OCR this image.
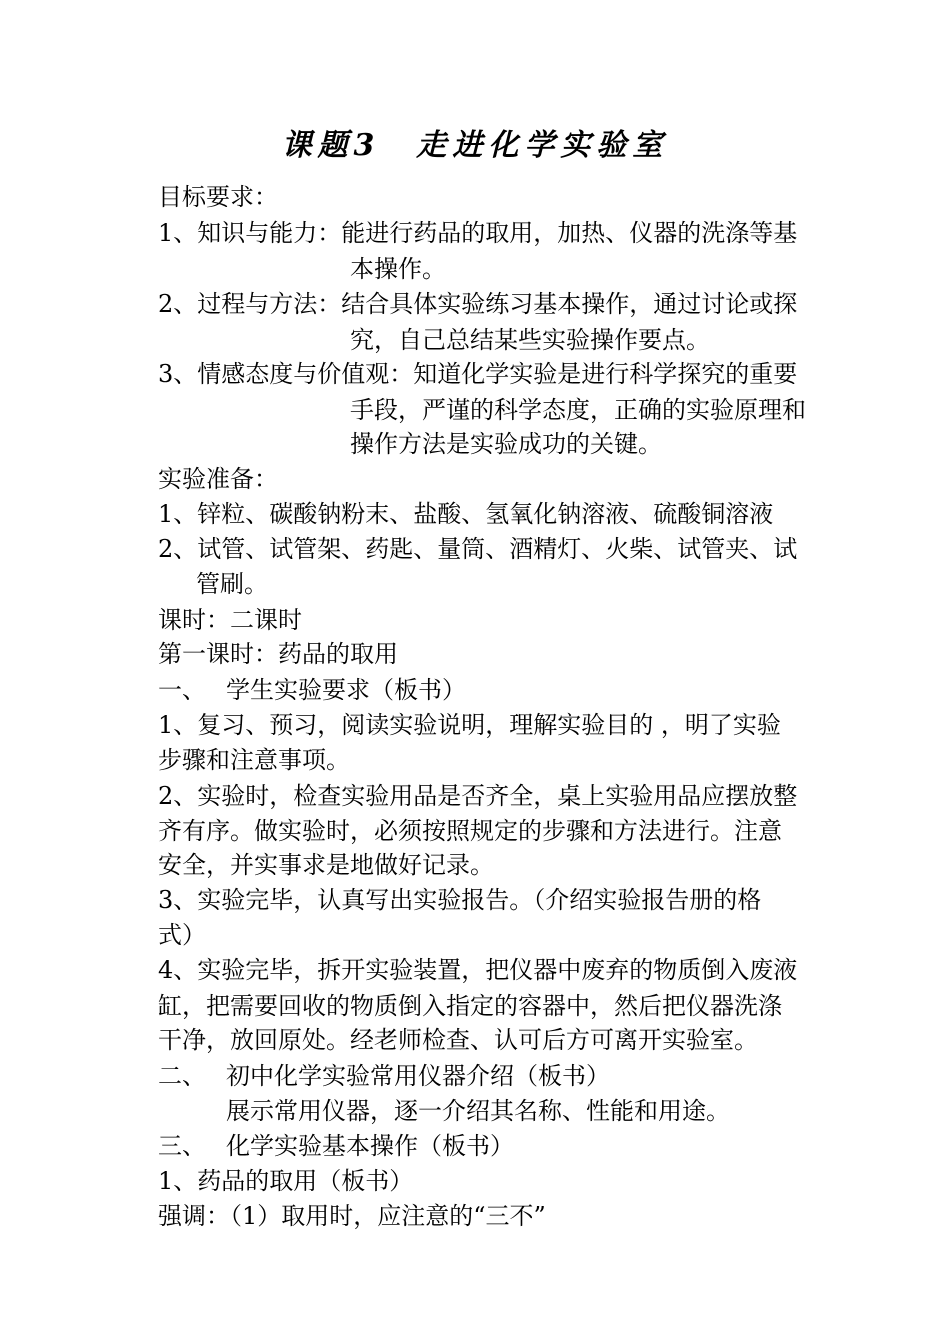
课题3　走进化学实验室
目标要求：
1、知识与能力：能进行药品的取用，加热、仪器的洗涤等基
本操作。
2、过程与方法：结合具体实验练习基本操作，通过讨论或探
究，自己总结某些实验操作要点。
3、情感态度与价值观：知道化学实验是进行科学探究的重要
手段，严谨的科学态度，正确的实验原理和
操作方法是实验成功的关键。
实验准备：
1、锌粒、碳酸钠粉末、盐酸、氢氧化钠溶液、硫酸铜溶液
2、试管、试管架、药匙、量筒、酒精灯、火柴、试管夹、试
管刷。
课时：二课时
第一课时：药品的取用
一、 学生实验要求（板书）
1、复习、预习，阅读实验说明，理解实验目的 ，明了实验
步骤和注意事项。
2、实验时，检查实验用品是否齐全，桌上实验用品应摆放整
齐有序。做实验时，必须按照规定的步骤和方法进行。注意
安全，并实事求是地做好记录。
3、实验完毕，认真写出实验报告。（介绍实验报告册的格
式）
4、实验完毕，拆开实验装置，把仪器中废弃的物质倒入废液
缸，把需要回收的物质倒入指定的容器中，然后把仪器洗涤
干净，放回原处。经老师检查、认可后方可离开实验室。
二、 初中化学实验常用仪器介绍（板书）
展示常用仪器，逐一介绍其名称、性能和用途。
三、 化学实验基本操作（板书）
1、药品的取用（板书）
强调：（1）取用时，应注意的“三不”
